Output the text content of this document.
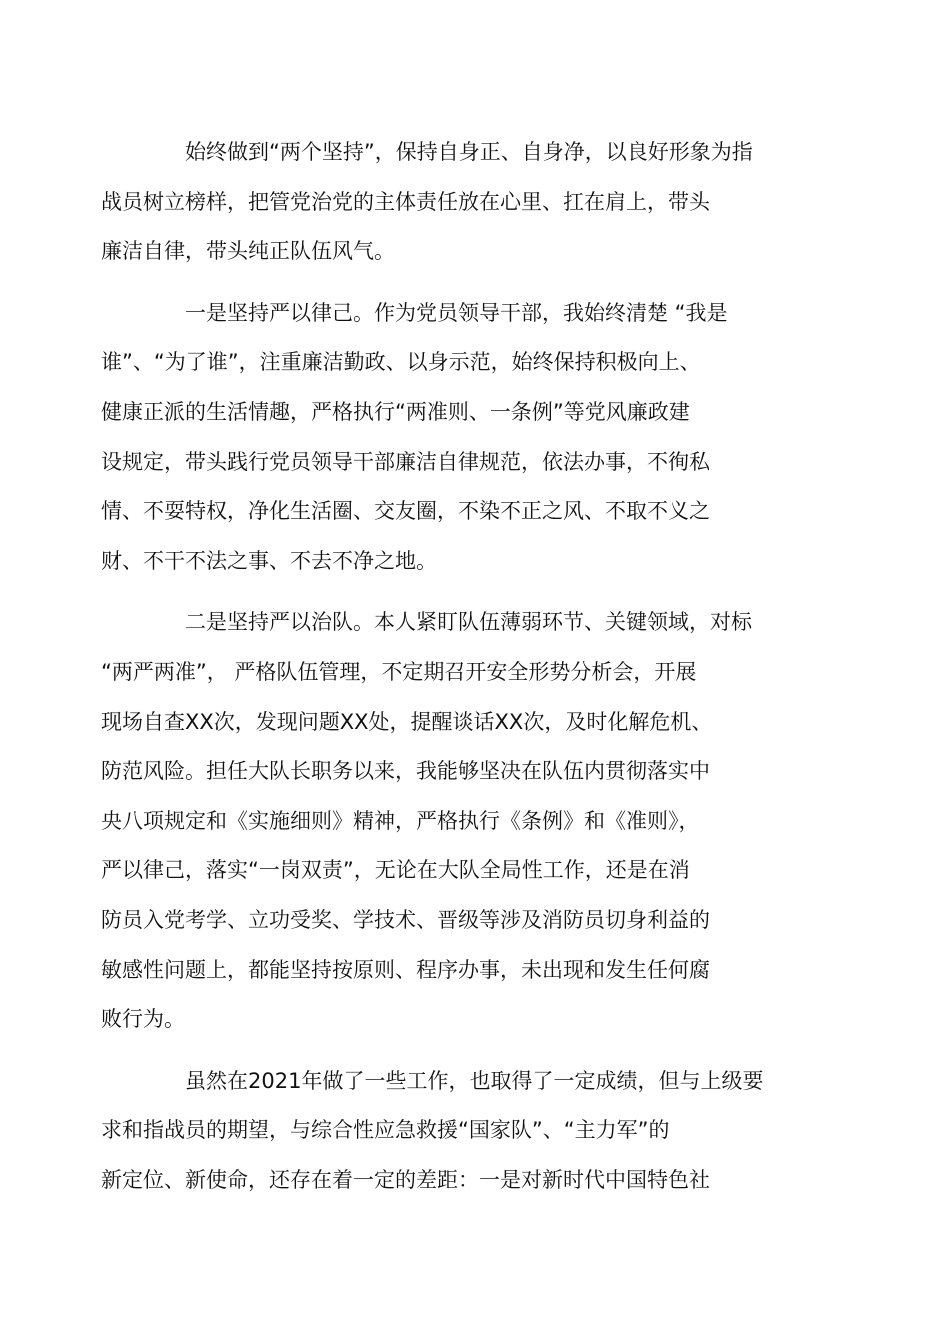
始终做到“两个坚持”，保持自身正、自身净，以良好形象为指
战员树立榜样，把管党治党的主体责任放在心里、扛在肩上，带头
廉洁自律，带头纯正队伍风气。

一是坚持严以律己。作为党员领导干部，我始终清楚 “我是
谁”、“为了谁”，注重廉洁勤政、以身示范，始终保持积极向上、
健康正派的生活情趣，严格执行“两准则、一条例”等党风廉政建
设规定，带头践行党员领导干部廉洁自律规范，依法办事，不徇私
情、不耍特权，净化生活圈、交友圈，不染不正之风、不取不义之
财、不干不法之事、不去不净之地。

二是坚持严以治队。本人紧盯队伍薄弱环节、关键领域，对标
“两严两准”， 严格队伍管理，不定期召开安全形势分析会，开展
现场自查XX次，发现问题XX处，提醒谈话XX次，及时化解危机、
防范风险。担任大队长职务以来，我能够坚决在队伍内贯彻落实中
央八项规定和《实施细则》精神，严格执行《条例》和《准则》，
严以律己，落实“一岗双责”，无论在大队全局性工作，还是在消
防员入党考学、立功受奖、学技术、晋级等涉及消防员切身利益的
敏感性问题上，都能坚持按原则、程序办事，未出现和发生任何腐
败行为。

虽然在2021年做了一些工作，也取得了一定成绩，但与上级要
求和指战员的期望，与综合性应急救援“国家队”、“主力军”的
新定位、新使命，还存在着一定的差距：一是对新时代中国特色社
